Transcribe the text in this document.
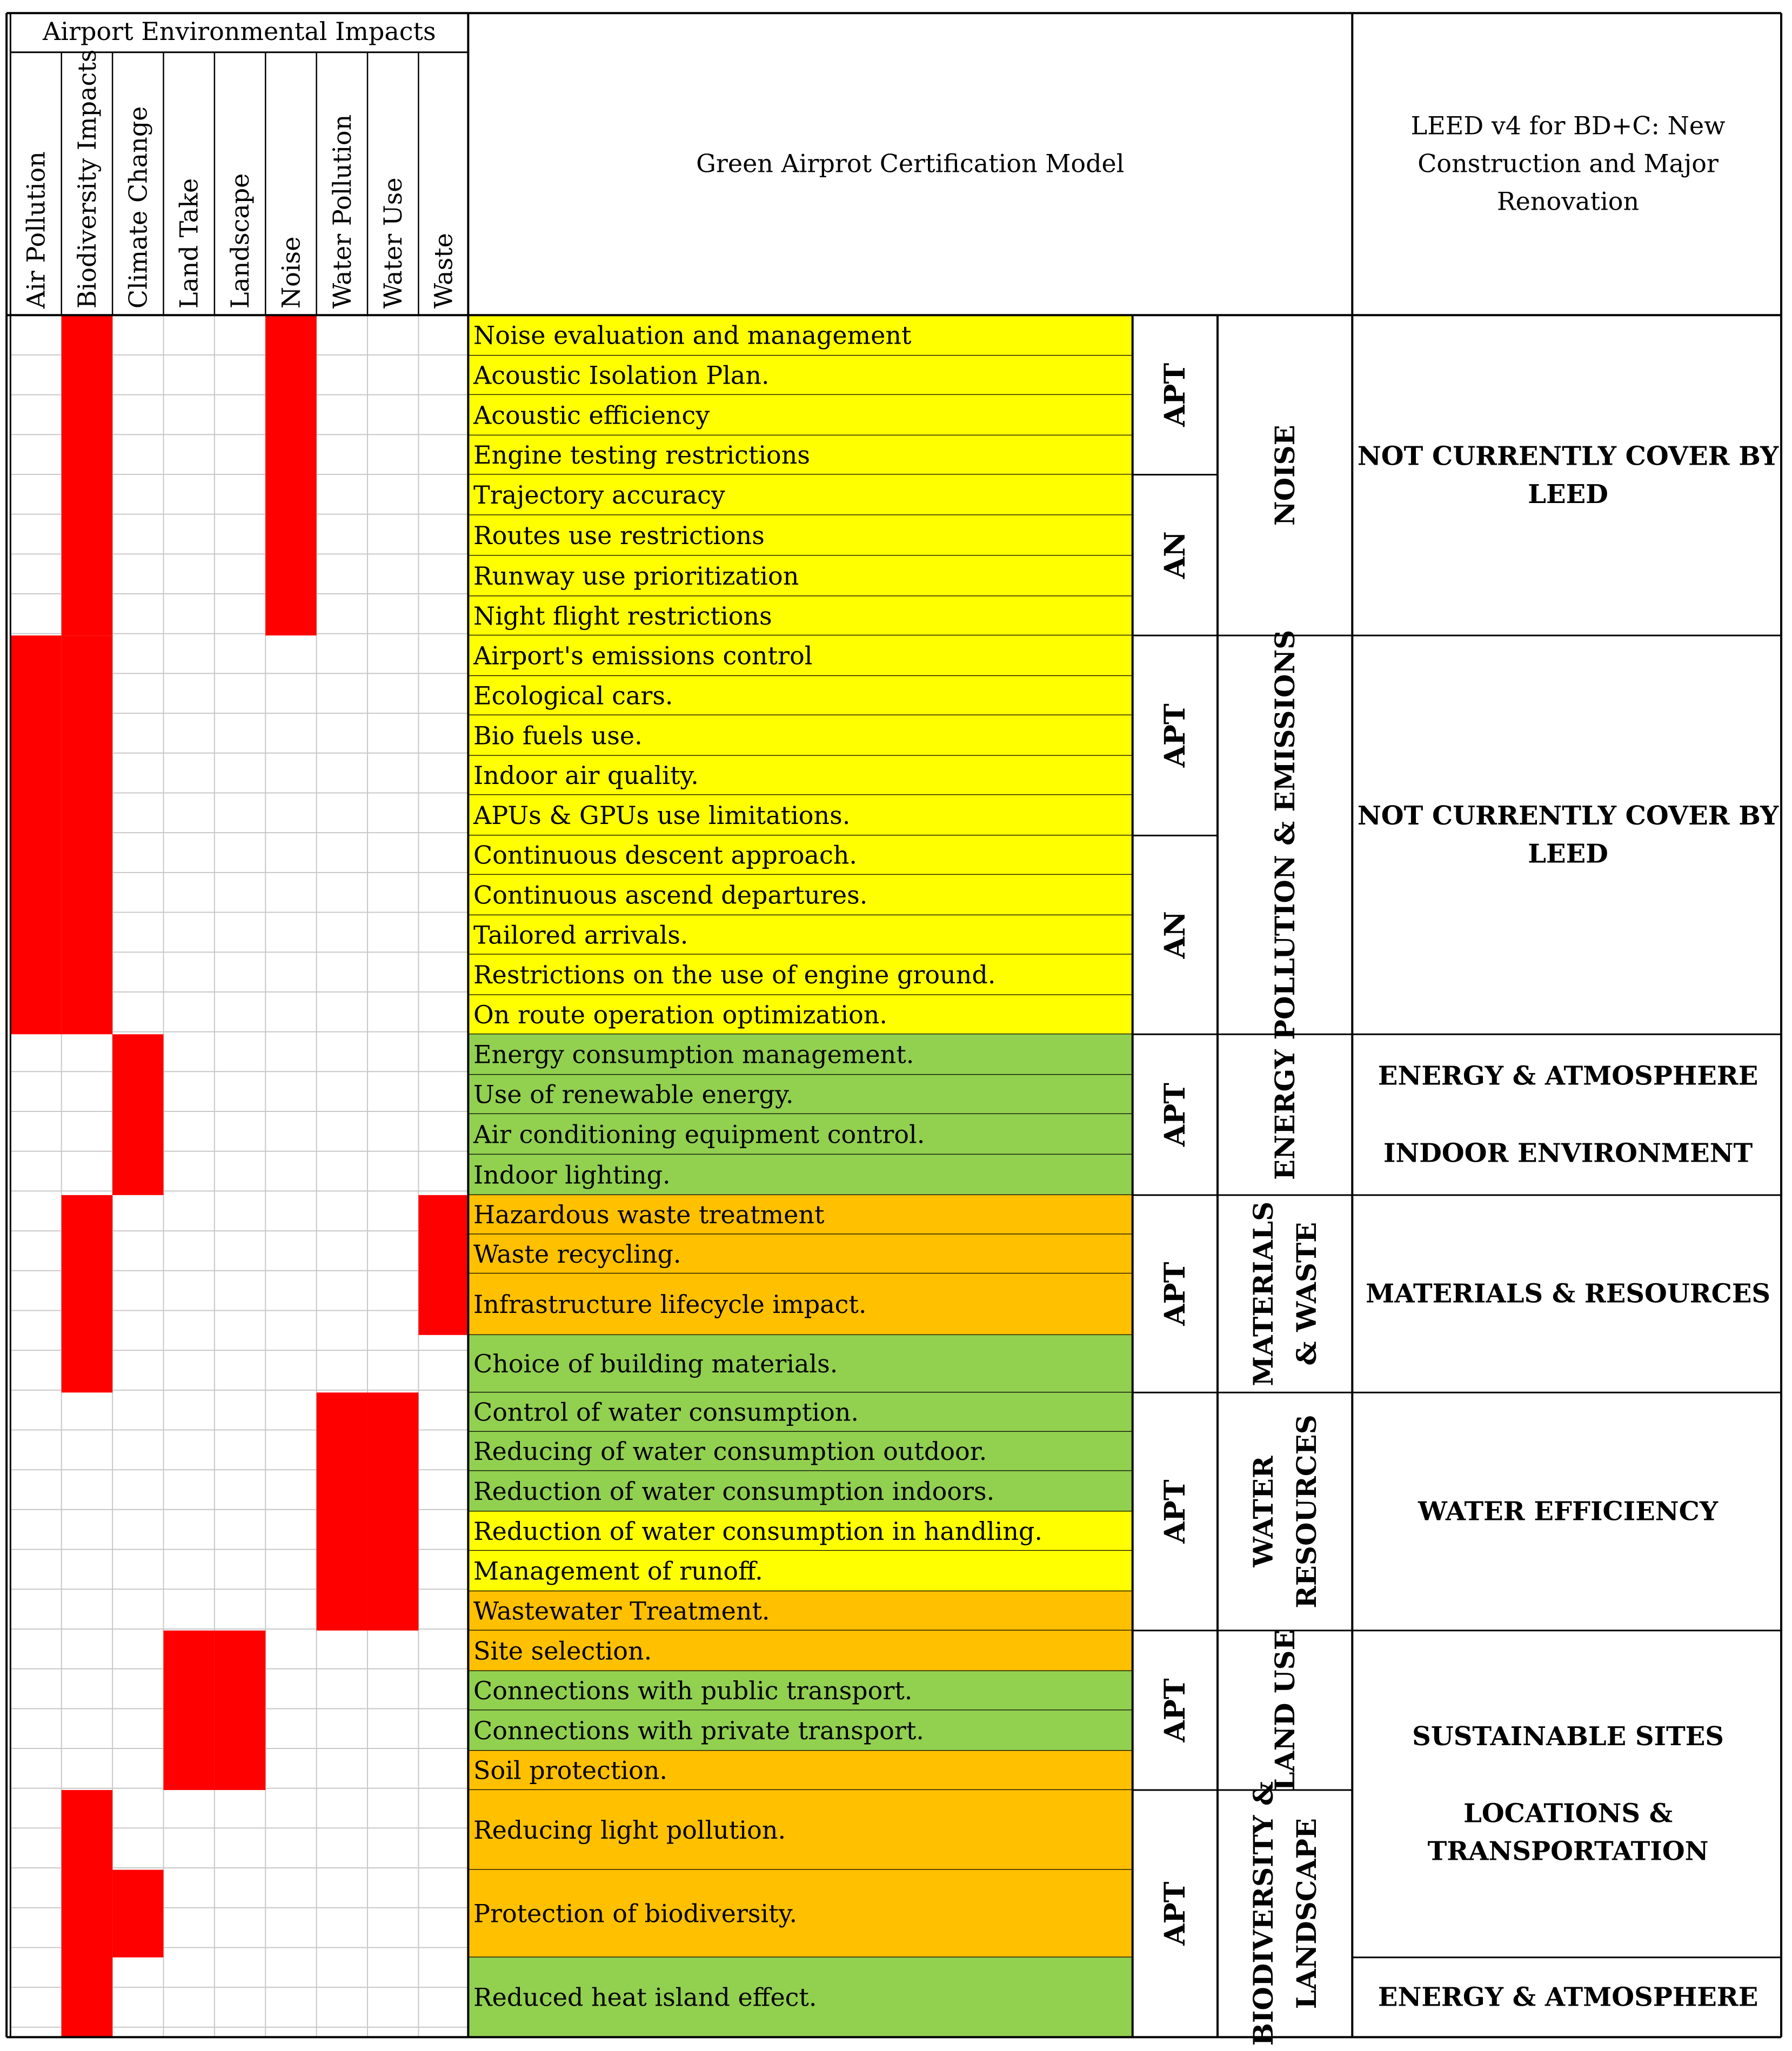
Noise evaluation and management
Acoustic Isolation Plan.
Acoustic efficiency
Engine testing restrictions
Trajectory accuracy
Routes use restrictions
Runway use prioritization
Night flight restrictions
Airport's emissions control
Ecological cars.
Bio fuels use.
Indoor air quality.
APUs & GPUs use limitations.
Continuous descent approach.
Continuous ascend departures.
Tailored arrivals.
Restrictions on the use of engine ground.
On route operation optimization.
Energy consumption management.
Use of renewable energy.
Air conditioning equipment control.
Indoor lighting.
Hazardous waste treatment
Waste recycling.
Infrastructure lifecycle impact.
Choice of building materials.
Control of water consumption.
Reducing of water consumption outdoor.
Reduction of water consumption indoors.
Reduction of water consumption in handling.
Management of runoff.
Wastewater Treatment.
Site selection.
Connections with public transport.
Connections with private transport.
Soil protection.
Reducing light pollution.
Protection of biodiversity.
Reduced heat island effect.
APT
AN
APT
AN
APT
APT
APT
APT
APT
NOISE
POLLUTION & EMISSIONS
ENERGY
MATERIALS & WASTE
WATER RESOURCES
LAND USE
BIODIVERSITY & LANDSCAPE
NOT CURRENTLY COVER BY
LEED
NOT CURRENTLY COVER BY
LEED
ENERGY & ATMOSPHERE
INDOOR ENVIRONMENT
MATERIALS & RESOURCES
WATER EFFICIENCY
SUSTAINABLE SITES
LOCATIONS &
TRANSPORTATION
ENERGY & ATMOSPHERE
Airport Environmental Impacts
Green Airprot Certification Model
LEED v4 for BD+C: New
Construction and Major
Renovation
Air Pollution Biodiversity Impacts Climate Change Land Take Landscape Noise Water Pollution Water Use Waste
